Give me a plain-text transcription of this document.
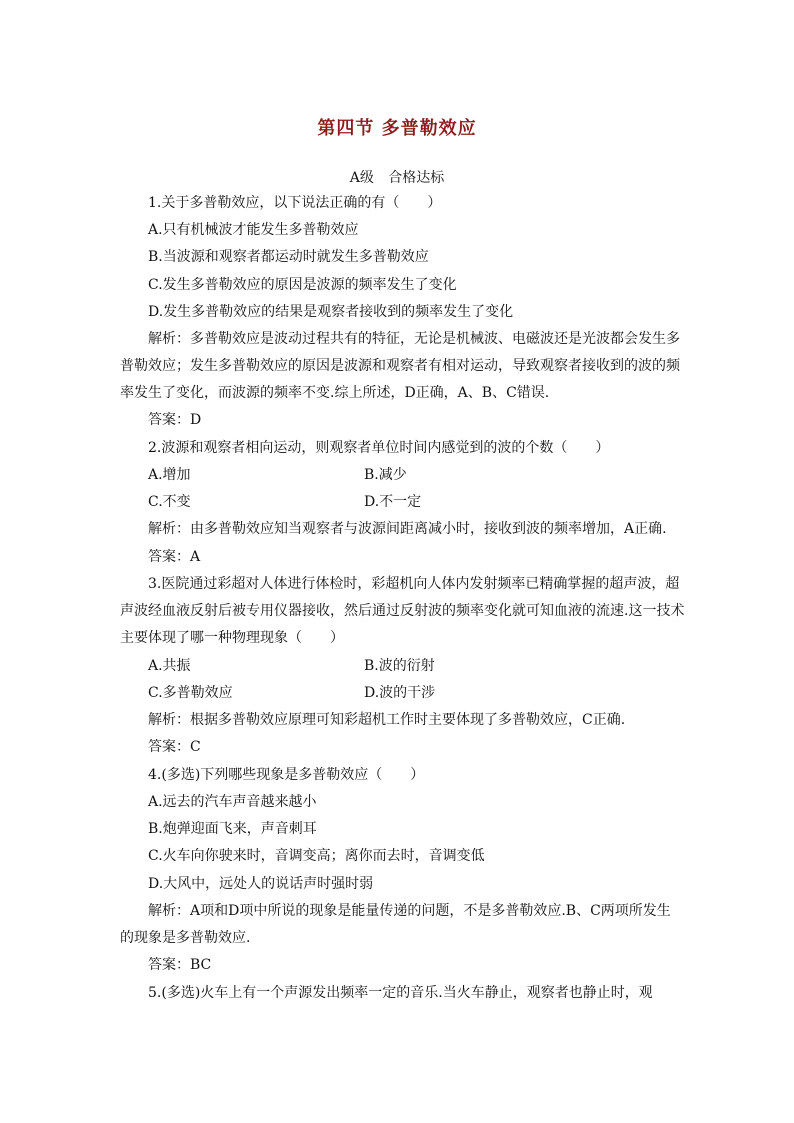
第四节 多普勒效应
A级 合格达标
1.关于多普勒效应，以下说法正确的有（　　）
A.只有机械波才能发生多普勒效应
B.当波源和观察者都运动时就发生多普勒效应
C.发生多普勒效应的原因是波源的频率发生了变化
D.发生多普勒效应的结果是观察者接收到的频率发生了变化
解析：多普勒效应是波动过程共有的特征，无论是机械波、电磁波还是光波都会发生多
普勒效应；发生多普勒效应的原因是波源和观察者有相对运动，导致观察者接收到的波的频
率发生了变化，而波源的频率不变.综上所述，D正确，A、B、C错误.
答案：D
2.波源和观察者相向运动，则观察者单位时间内感觉到的波的个数（　　）
A.增加	B.减少
C.不变	D.不一定
解析：由多普勒效应知当观察者与波源间距离减小时，接收到波的频率增加，A正确.
答案：A
3.医院通过彩超对人体进行体检时，彩超机向人体内发射频率已精确掌握的超声波，超
声波经血液反射后被专用仪器接收，然后通过反射波的频率变化就可知血液的流速.这一技术
主要体现了哪一种物理现象（　　）
A.共振	B.波的衍射
C.多普勒效应	D.波的干涉
解析：根据多普勒效应原理可知彩超机工作时主要体现了多普勒效应，C正确.
答案：C
4.(多选)下列哪些现象是多普勒效应（　　）
A.远去的汽车声音越来越小
B.炮弹迎面飞来，声音刺耳
C.火车向你驶来时，音调变高；离你而去时，音调变低
D.大风中，远处人的说话声时强时弱
解析：A项和D项中所说的现象是能量传递的问题，不是多普勒效应.B、C两项所发生
的现象是多普勒效应.
答案：BC
5.(多选)火车上有一个声源发出频率一定的音乐.当火车静止，观察者也静止时，观
